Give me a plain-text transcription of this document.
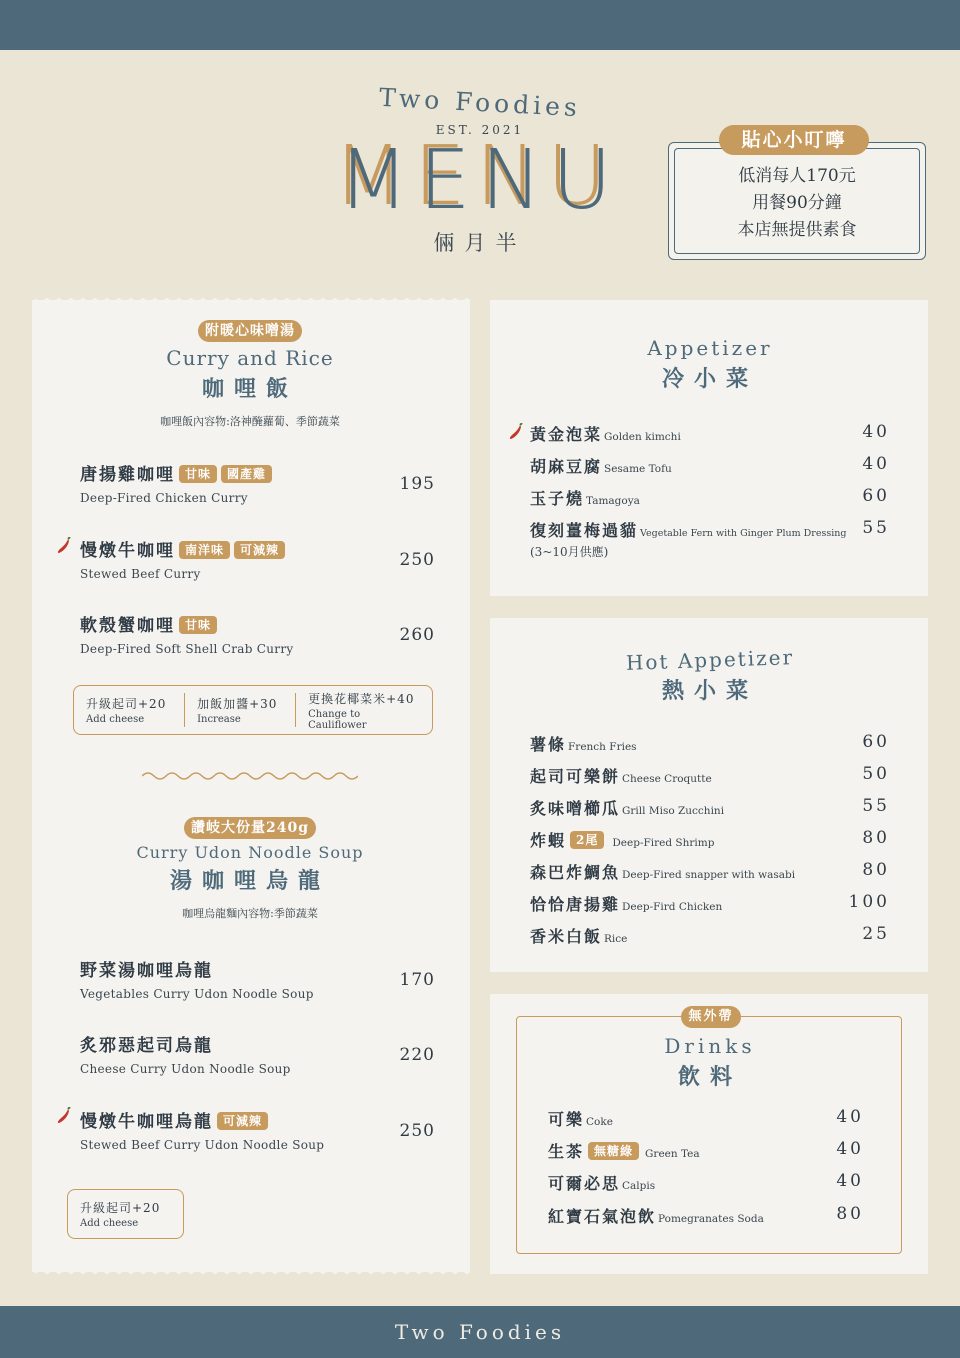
Two Foodies
EST. 2021
MENU
倆月半
貼心小叮嚀
低消每人170元
用餐90分鐘
本店無提供素食
附暖心味噌湯
Curry and Rice
咖哩飯
咖哩飯內容物:洛神醃蘿蔔、季節蔬菜
唐揚雞咖哩 甘味 國產雞
Deep-Fired Chicken Curry
195
慢燉牛咖哩 南洋味 可減辣
Stewed Beef Curry
250
軟殼蟹咖哩 甘味
Deep-Fired Soft Shell Crab Curry
260
升級起司+20
Add cheese
加飯加醬+30
Increase
更換花椰菜米+40
Change to Cauliflower
讚岐大份量240g
Curry Udon Noodle Soup
湯咖哩烏龍
咖哩烏龍麵內容物:季節蔬菜
野菜湯咖哩烏龍
Vegetables Curry Udon Noodle Soup
170
炙邪惡起司烏龍
Cheese Curry Udon Noodle Soup
220
慢燉牛咖哩烏龍 可減辣
Stewed Beef Curry Udon Noodle Soup
250
升級起司+20
Add cheese
Appetizer
冷小菜
黃金泡菜 Golden kimchi	40
胡麻豆腐 Sesame Tofu	40
玉子燒 Tamagoya	60
復刻薑梅過貓 Vegetable Fern with Ginger Plum Dressing 55
(3~10月供應)
Hot Appetizer
熱小菜
薯條 French Fries	60
起司可樂餅 Cheese Croqutte	50
炙味噌櫛瓜 Grill Miso Zucchini	55
炸蝦 2尾 Deep-Fired Shrimp	80
森巴炸鯛魚 Deep-Fired snapper with wasabi	80
恰恰唐揚雞 Deep-Fird Chicken	100
香米白飯 Rice	25
無外帶
Drinks
飲料
可樂 Coke	40
生茶 無糖綠 Green Tea	40
可爾必思 Calpis	40
紅寶石氣泡飲 Pomegranates Soda	80
Two Foodies
